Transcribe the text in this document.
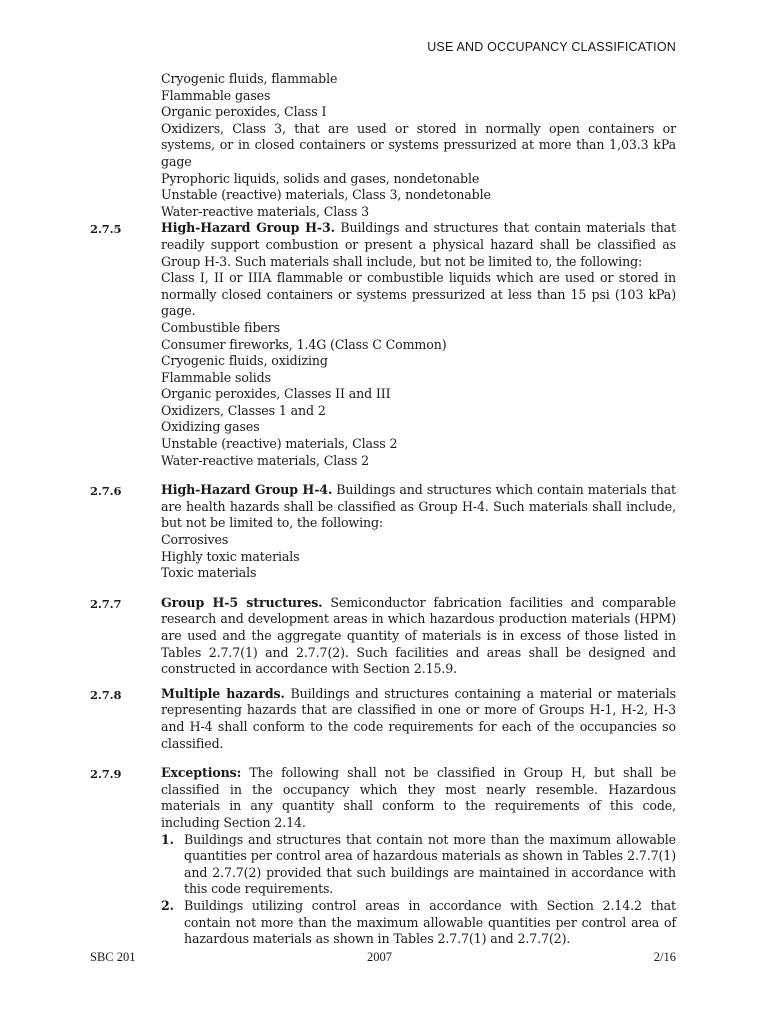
USE AND OCCUPANCY CLASSIFICATION
Cryogenic fluids, flammable
Flammable gases
Organic peroxides, Class I
Oxidizers, Class 3, that are used or stored in normally open containers or systems, or in closed containers or systems pressurized at more than 1,03.3 kPa gage
Pyrophoric liquids, solids and gases, nondetonable
Unstable (reactive) materials, Class 3, nondetonable
Water-reactive materials, Class 3
2.7.5	High-Hazard Group H-3. Buildings and structures that contain materials that readily support combustion or present a physical hazard shall be classified as Group H-3. Such materials shall include, but not be limited to, the following:
Class I, II or IIIA flammable or combustible liquids which are used or stored in normally closed containers or systems pressurized at less than 15 psi (103 kPa) gage.
Combustible fibers
Consumer fireworks, 1.4G (Class C Common)
Cryogenic fluids, oxidizing
Flammable solids
Organic peroxides, Classes II and III
Oxidizers, Classes 1 and 2
Oxidizing gases
Unstable (reactive) materials, Class 2
Water-reactive materials, Class 2
2.7.6	High-Hazard Group H-4. Buildings and structures which contain materials that are health hazards shall be classified as Group H-4. Such materials shall include, but not be limited to, the following:
Corrosives
Highly toxic materials
Toxic materials
2.7.7	Group H-5 structures. Semiconductor fabrication facilities and comparable research and development areas in which hazardous production materials (HPM) are used and the aggregate quantity of materials is in excess of those listed in Tables 2.7.7(1) and 2.7.7(2). Such facilities and areas shall be designed and constructed in accordance with Section 2.15.9.
2.7.8	Multiple hazards. Buildings and structures containing a material or materials representing hazards that are classified in one or more of Groups H-1, H-2, H-3 and H-4 shall conform to the code requirements for each of the occupancies so classified.
2.7.9	Exceptions: The following shall not be classified in Group H, but shall be classified in the occupancy which they most nearly resemble. Hazardous materials in any quantity shall conform to the requirements of this code, including Section 2.14.
1. Buildings and structures that contain not more than the maximum allowable quantities per control area of hazardous materials as shown in Tables 2.7.7(1) and 2.7.7(2) provided that such buildings are maintained in accordance with this code requirements.
2. Buildings utilizing control areas in accordance with Section 2.14.2 that contain not more than the maximum allowable quantities per control area of hazardous materials as shown in Tables 2.7.7(1) and 2.7.7(2).
SBC 201	2007	2/16
